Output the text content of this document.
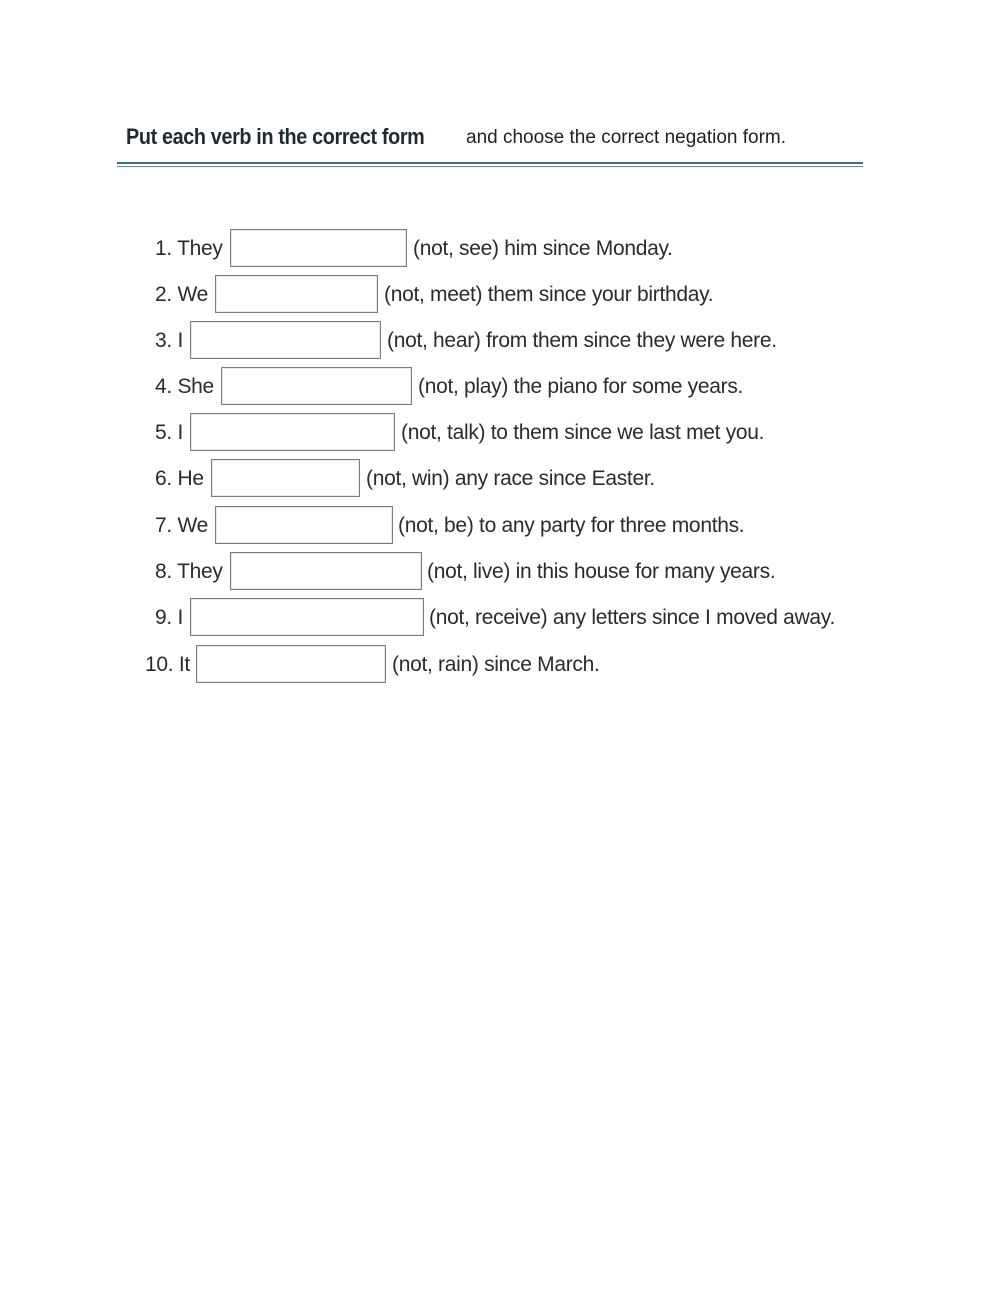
Put each verb in the correct form and choose the correct negation form.
1. They	(not, see) him since Monday.
2. We	(not, meet) them since your birthday.
3. I	(not, hear) from them since they were here.
4. She	(not, play) the piano for some years.
5. I	(not, talk) to them since we last met you.
6. He	(not, win) any race since Easter.
7. We	(not, be) to any party for three months.
8. They	(not, live) in this house for many years.
9. I	(not, receive) any letters since I moved away.
10. It	(not, rain) since March.
